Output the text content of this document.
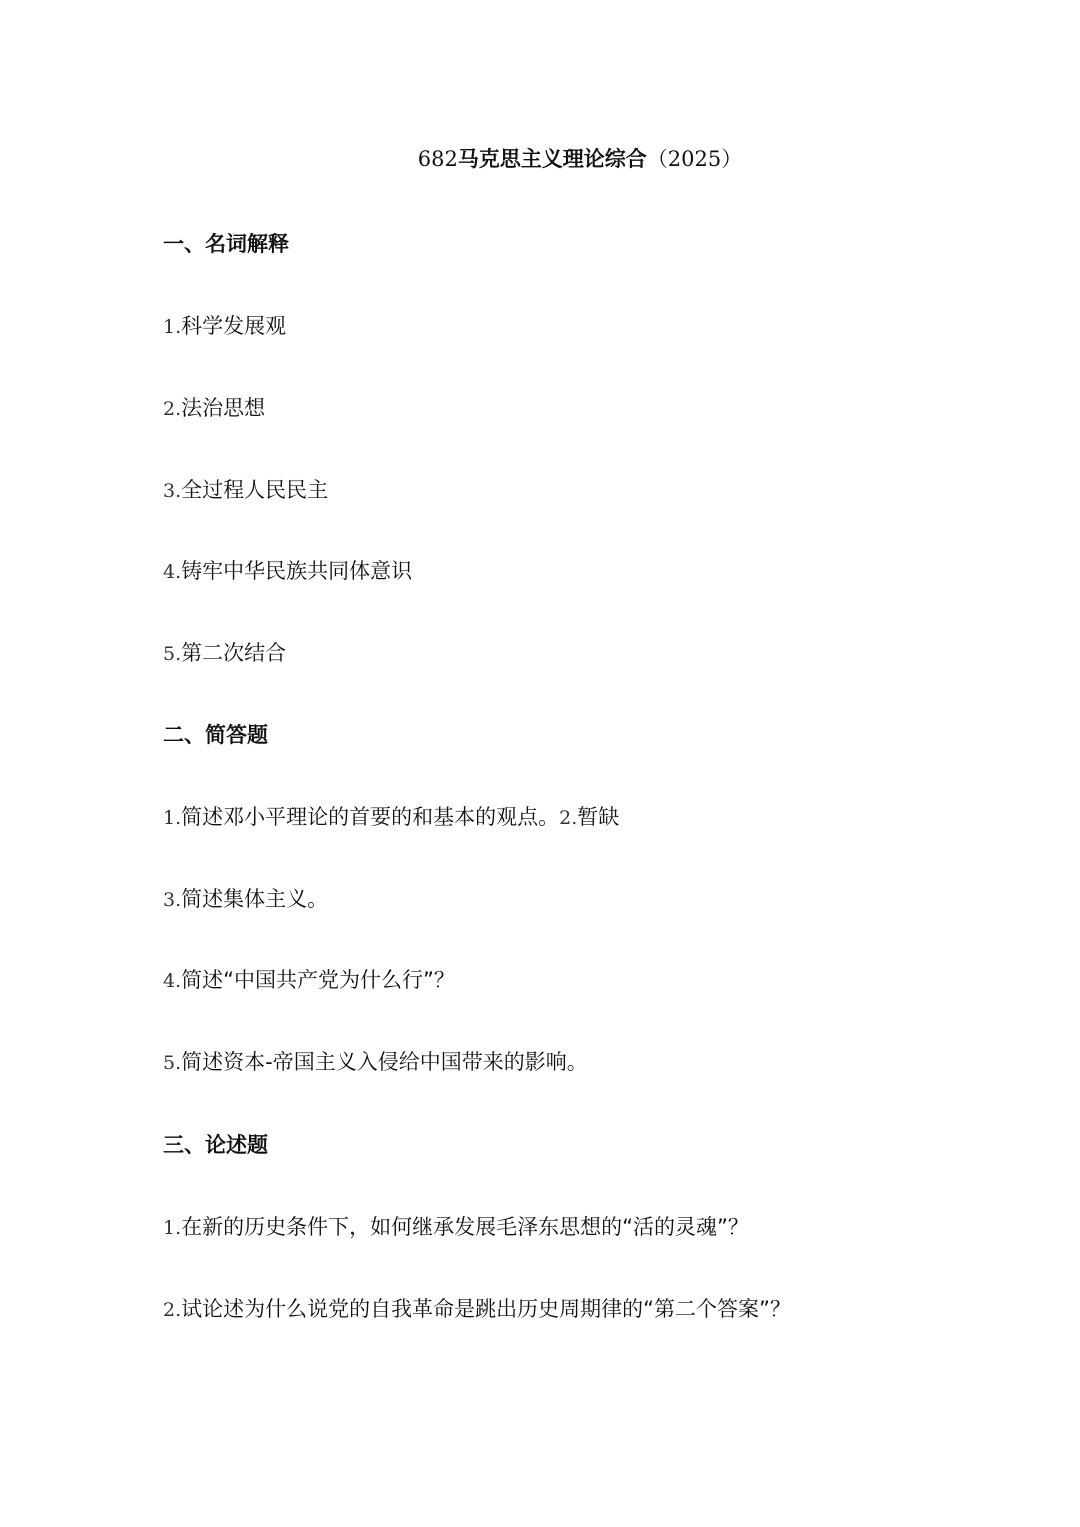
682马克思主义理论综合（2025）
一、名词解释
1.科学发展观
2.法治思想
3.全过程人民民主
4.铸牢中华民族共同体意识
5.第二次结合
二、简答题
1.简述邓小平理论的首要的和基本的观点。2.暂缺
3.简述集体主义。
4.简述“中国共产党为什么行”？
5.简述资本-帝国主义入侵给中国带来的影响。
三、论述题
1.在新的历史条件下，如何继承发展毛泽东思想的“活的灵魂”？
2.试论述为什么说党的自我革命是跳出历史周期律的“第二个答案”？
